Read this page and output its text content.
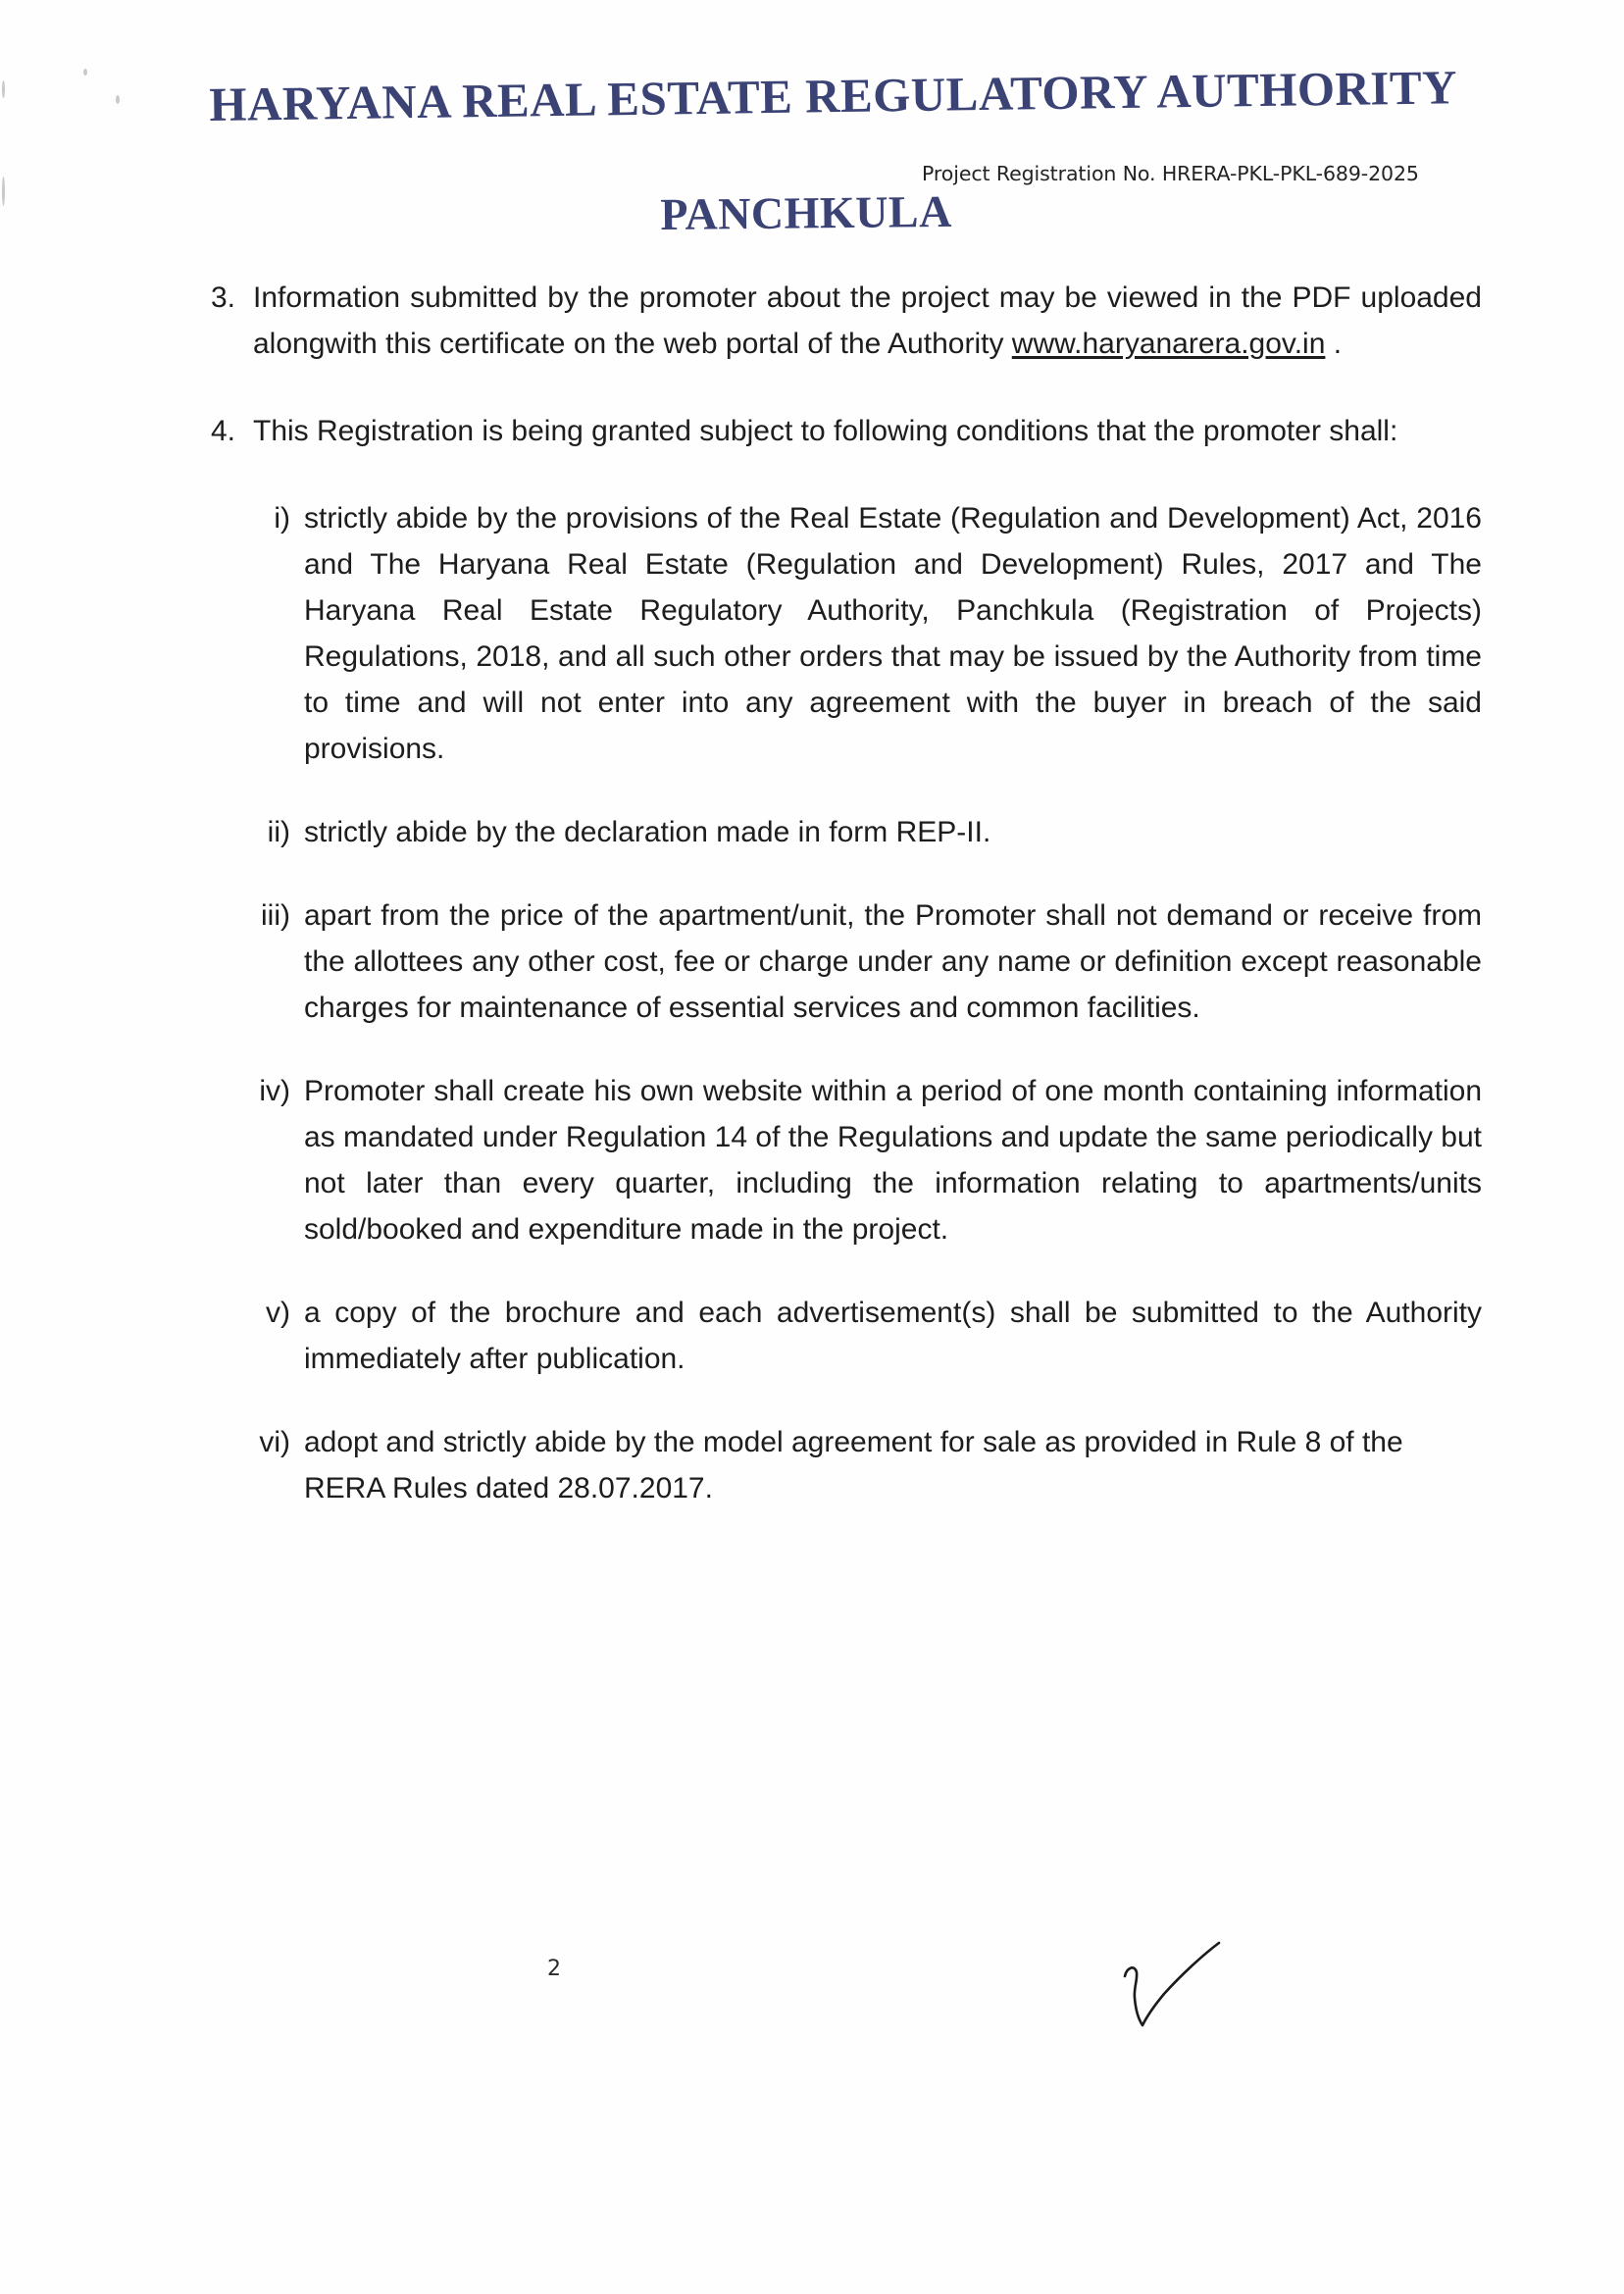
HARYANA REAL ESTATE REGULATORY AUTHORITY
PANCHKULA
Project Registration No. HRERA-PKL-PKL-689-2025
3. Information submitted by the promoter about the project may be viewed in the PDF uploaded alongwith this certificate on the web portal of the Authority www.haryanarera.gov.in .
4. This Registration is being granted subject to following conditions that the promoter shall:
i) strictly abide by the provisions of the Real Estate (Regulation and Development) Act, 2016 and The Haryana Real Estate (Regulation and Development) Rules, 2017 and The Haryana Real Estate Regulatory Authority, Panchkula (Registration of Projects) Regulations, 2018, and all such other orders that may be issued by the Authority from time to time and will not enter into any agreement with the buyer in breach of the said provisions.
ii) strictly abide by the declaration made in form REP-II.
iii) apart from the price of the apartment/unit, the Promoter shall not demand or receive from the allottees any other cost, fee or charge under any name or definition except reasonable charges for maintenance of essential services and common facilities.
iv) Promoter shall create his own website within a period of one month containing information as mandated under Regulation 14 of the Regulations and update the same periodically but not later than every quarter, including the information relating to apartments/units sold/booked and expenditure made in the project.
v) a copy of the brochure and each advertisement(s) shall be submitted to the Authority immediately after publication.
vi) adopt and strictly abide by the model agreement for sale as provided in Rule 8 of the RERA Rules dated 28.07.2017.
2
